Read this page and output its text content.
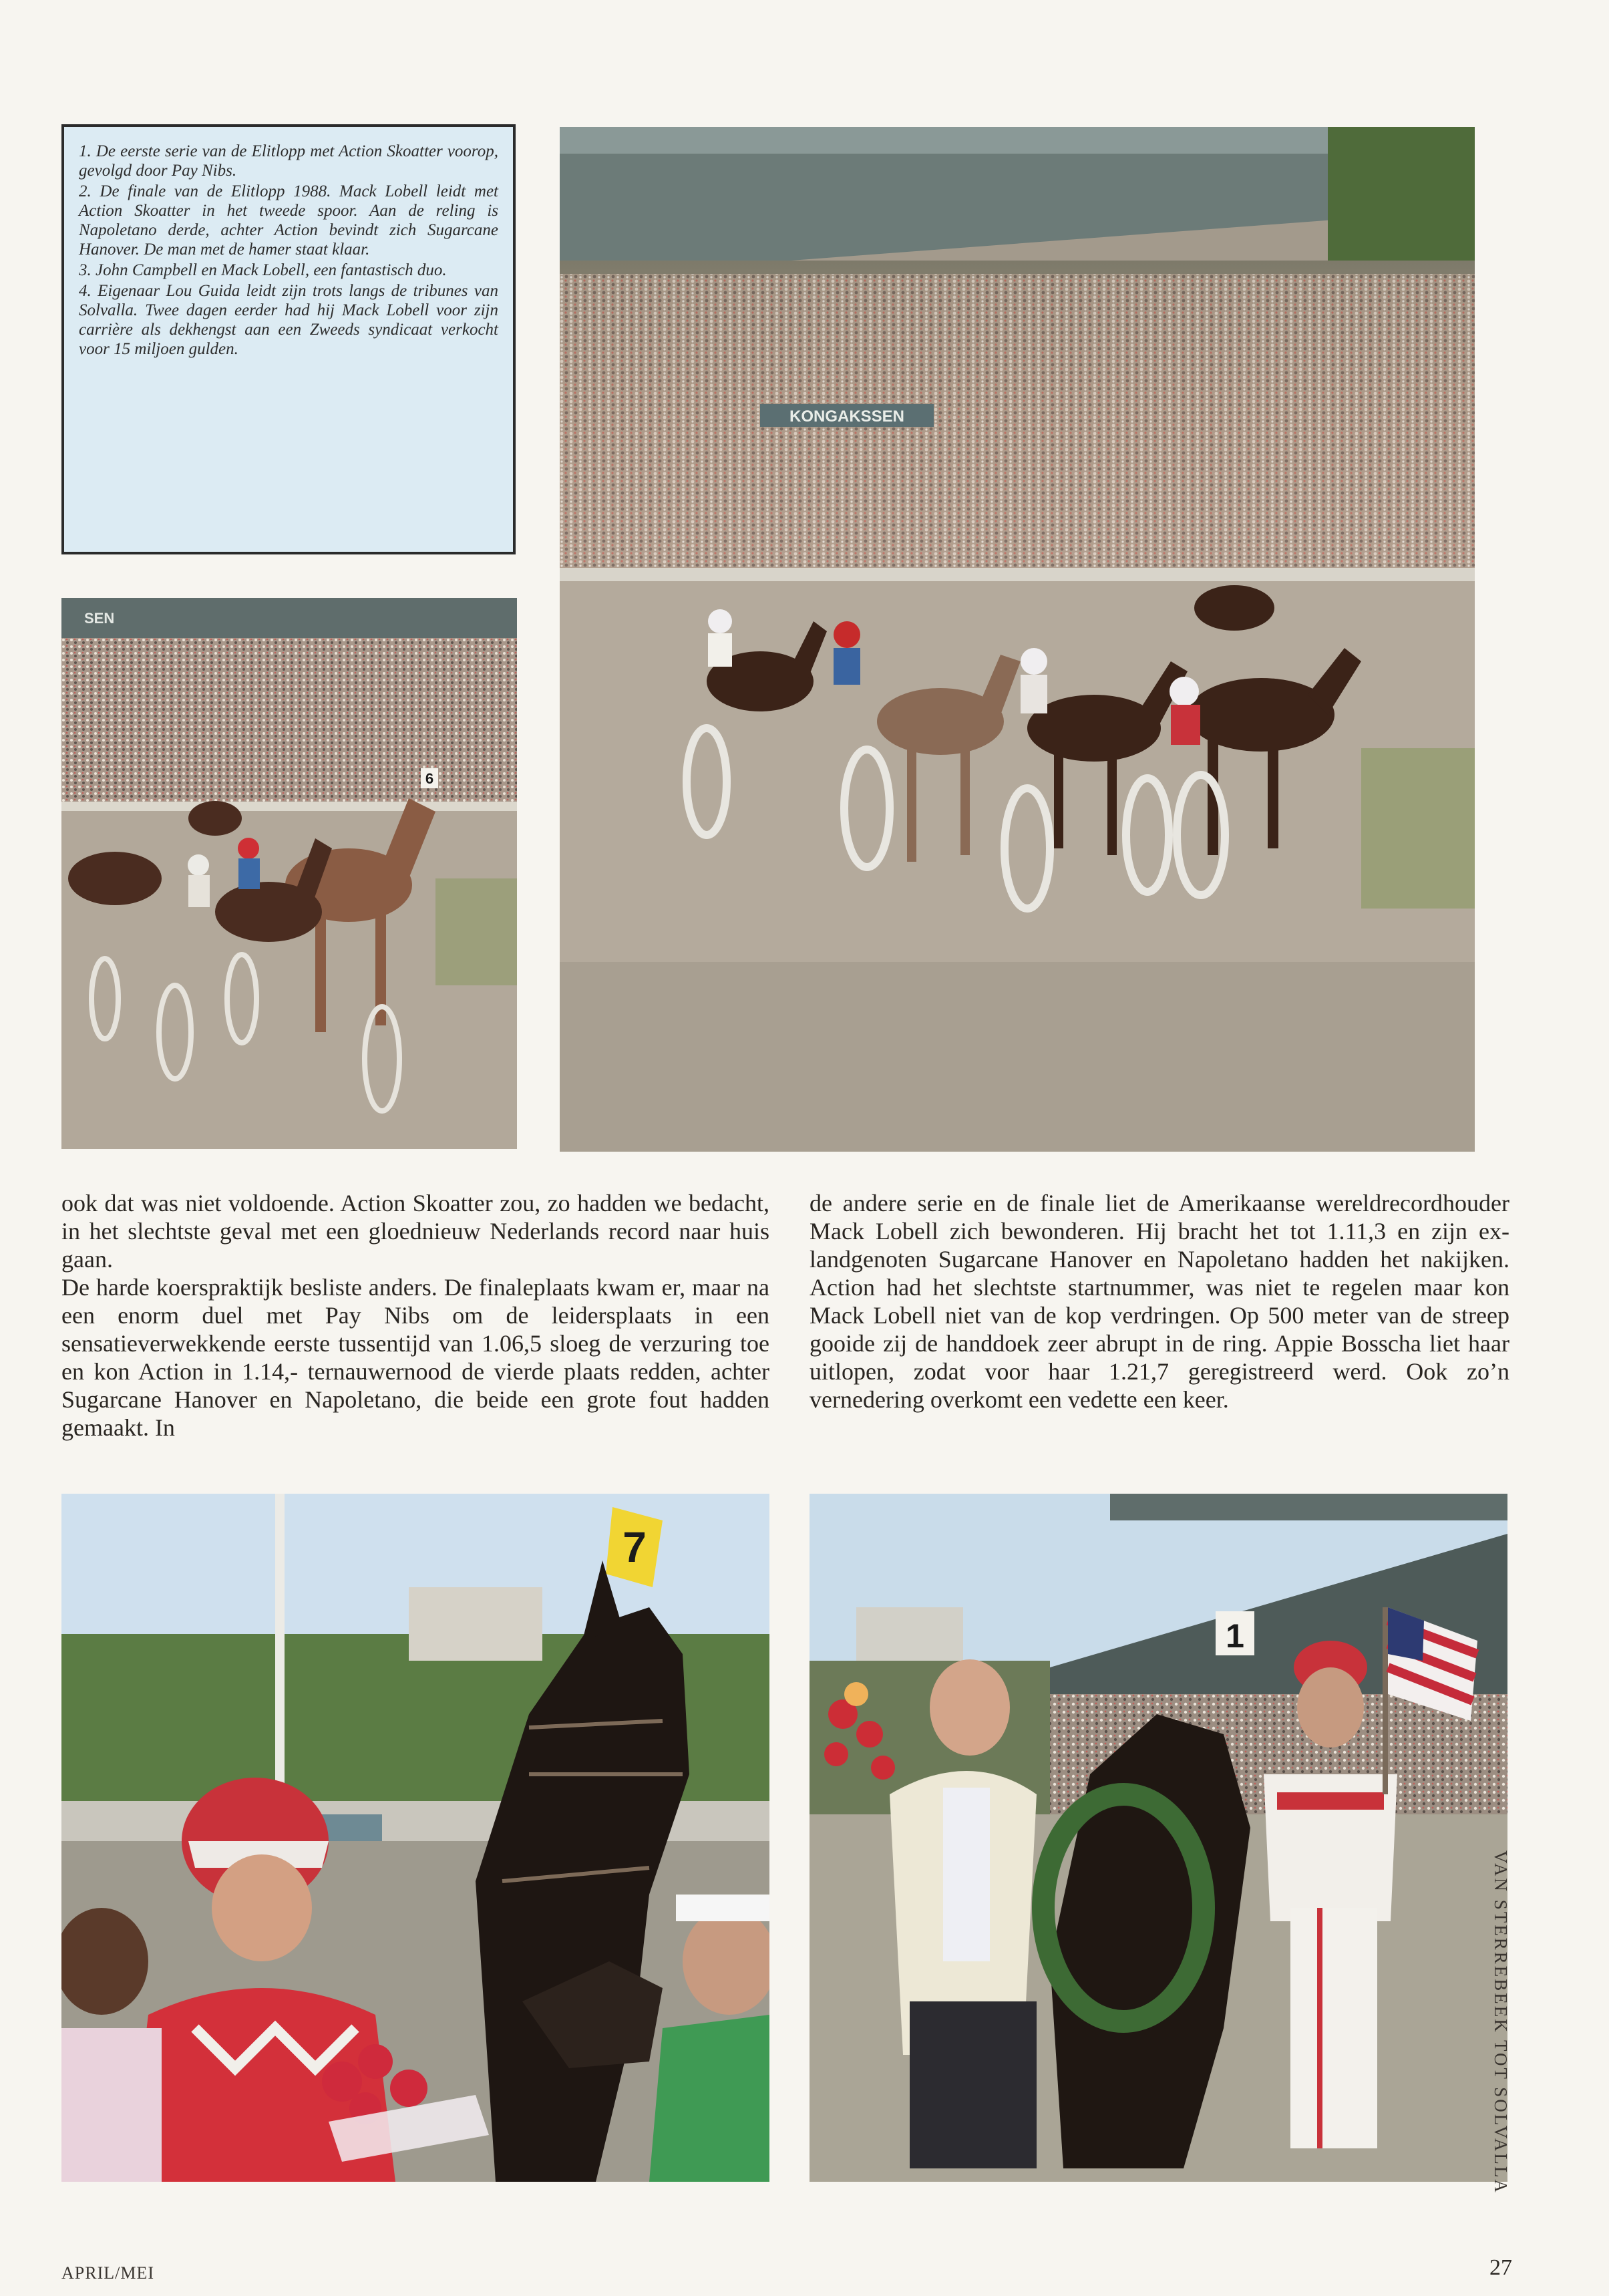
1. De eerste serie van de Elitlopp met Action Skoatter voorop, gevolgd door Pay Nibs.

2. De finale van de Elitlopp 1988. Mack Lobell leidt met Action Skoatter in het tweede spoor. Aan de reling is Napoletano derde, achter Action bevindt zich Sugarcane Hanover. De man met de hamer staat klaar.

3. John Campbell en Mack Lobell, een fantastisch duo.

4. Eigenaar Lou Guida leidt zijn trots langs de tribunes van Solvalla. Twee dagen eerder had hij Mack Lobell voor zijn carrière als dekhengst aan een Zweeds syndicaat verkocht voor 15 miljoen gulden.

KONGAKSSEN
SEN
6

ook dat was niet voldoende. Action Skoatter zou, zo hadden we bedacht, in het slechtste geval met een gloednieuw Nederlands record naar huis gaan.

De harde koerspraktijk besliste anders. De finaleplaats kwam er, maar na een enorm duel met Pay Nibs om de leidersplaats in een sensatieverwekkende eerste tussentijd van 1.06,5 sloeg de verzuring toe en kon Action in 1.14,- ternauwernood de vierde plaats redden, achter Sugarcane Hanover en Napoletano, die beide een grote fout hadden gemaakt. In

de andere serie en de finale liet de Amerikaanse wereldrecordhouder Mack Lobell zich bewonderen. Hij bracht het tot 1.11,3 en zijn ex-landgenoten Sugarcane Hanover en Napoletano hadden het nakijken. Action had het slechtste startnummer, was niet te regelen maar kon Mack Lobell niet van de kop verdringen. Op 500 meter van de streep gooide zij de handdoek zeer abrupt in de ring. Appie Bosscha liet haar uitlopen, zodat voor haar 1.21,7 geregistreerd werd. Ook zo’n vernedering overkomt een vedette een keer.

7
1
VAN STERREBEEK TOT SOLVALLA
APRIL/MEI	27
